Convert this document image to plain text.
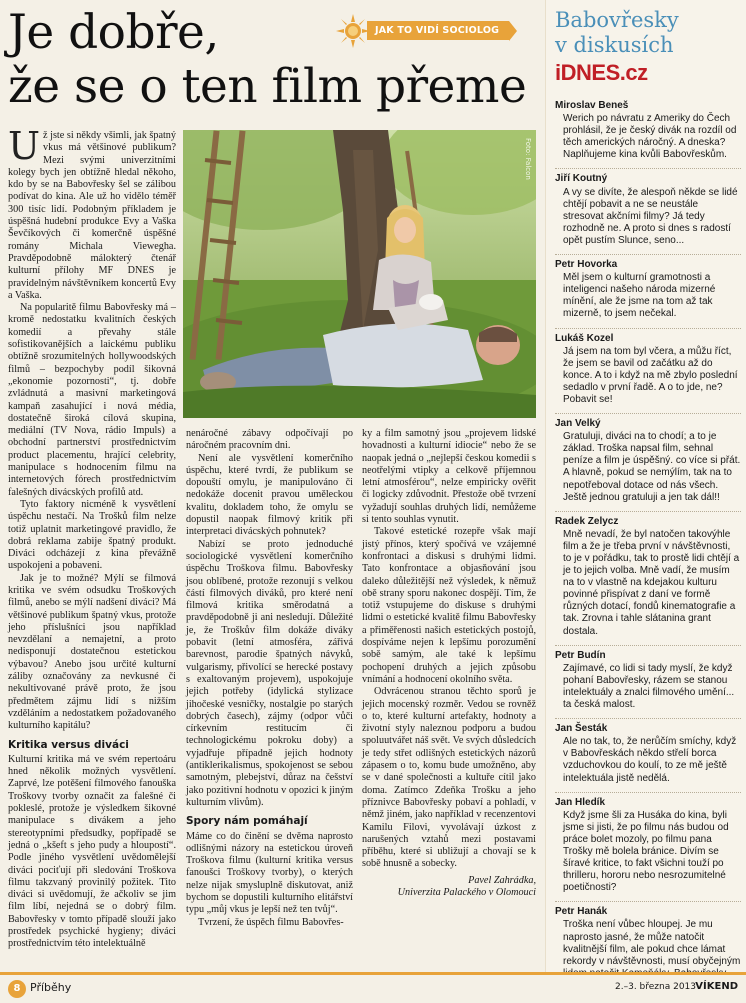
Je dobře,
že se o ten film přeme
JAK TO VIDÍ SOCIOLOG
Foto: Falcon

Už jste si někdy všimli, jak špatný vkus má většinové publikum? Mezi svými univerzitními kolegy bych jen obtížně hledal někoho, kdo by se na Babovřesky šel se zálibou podívat do kina. Ale už ho vidělo téměř 300 tisíc lidí. Podobným příkladem je úspěšná hudební produkce Evy a Vaška Ševčíkových či komerčně úspěšné romány Michala Viewegha. Pravděpodobně málokterý čtenář kulturní přílohy MF DNES je pravidelným návštěvníkem koncertů Evy a Vaška.

Na popularitě filmu Babovřesky má – kromě nedostatku kvalitních českých komedií a převahy stále sofistikovanějších a laickému publiku obtížně srozumitelných hollywoodských filmů – bezpochyby podíl šikovná „ekonomie pozornosti“, tj. dobře zvládnutá a masivní marketingová kampaň zasahující i nová média, dostatečně široká cílová skupina, mediální (TV Nova, rádio Impuls) a obchodní partnerství prostřednictvím product placementu, hrající celebrity, manipulace s hodnocením filmu na internetových fórech prostřednictvím falešných divácských profilů atd.

Tyto faktory nicméně k vysvětlení úspěchu nestačí. Na Trošků film nelze totiž uplatnit marketingové pravidlo, že dobrá reklama zabije špatný produkt. Diváci odcházejí z kina převážně uspokojeni a pobaveni.

Jak je to možné? Mýlí se filmová kritika ve svém odsudku Troškových filmů, anebo se mýlí nadšení diváci? Má většinové publikum špatný vkus, protože jeho příslušníci jsou například nevzdělaní a nemajetní, a proto nedisponují dostatečnou estetickou výbavou? Anebo jsou určité kulturní záliby označovány za nevkusné či nekultivované právě proto, že jsou předmětem zájmu lidí s nižším vzděláním a nedostatkem požadovaného kulturního kapitálu?

Kritika versus diváci

Kulturní kritika má ve svém repertoáru hned několik možných vysvětlení. Zaprvé, lze potěšení filmového fanouška Troškovy tvorby označit za falešné či pokleslé, protože je výsledkem šikovné manipulace s divákem a jeho stereotypními předsudky, popřípadě se jedná o „kšeft s jeho pudy a hloupostí“. Podle jiného vysvětlení uvědomělejší diváci pociťují při sledování Troškova filmu takzvaný provinilý požitek. Tito diváci si uvědomují, že ačkoliv se jim film líbí, nejedná se o dobrý film. Babovřesky v tomto případě slouží jako prostředek psychické hygieny; diváci prostřednictvím této intelektuálně

nenáročné zábavy odpočívají po náročném pracovním dni.

Není ale vysvětlení komerčního úspěchu, které tvrdí, že publikum se dopouští omylu, je manipulováno či nedokáže docenit pravou uměleckou kvalitu, dokladem toho, že omylu se dopustil naopak filmový kritik při interpretaci divácských pohnutek?

Nabízí se proto jednoduché sociologické vysvětlení komerčního úspěchu Troškova filmu. Babovřesky jsou oblíbené, protože rezonují s velkou částí filmových diváků, pro které není filmová kritika směrodatná a pravděpodobně ji ani nesledují. Důležité je, že Troškův film dokáže diváky pobavit (letní atmosféra, zářivá barevnost, parodie špatných návyků, vulgarismy, přivolící se herecké postavy s exaltovaným projevem), uspokojuje jejich potřeby (idylická stylizace jihočeské vesničky, nostalgie po starých dobrých časech), zájmy (odpor vůči církevním restitucím či technologickému pokroku doby) a vyjadřuje případně jejich hodnoty (antiklerikalismus, spokojenost se sebou samotným, plebejství, důraz na češství jako pozitivní hodnotu v opozici k jiným kulturním vlivům).

Spory nám pomáhají

Máme co do činění se dvěma naprosto odlišnými názory na estetickou úroveň Troškova filmu (kulturní kritika versus fanoušci Troškovy tvorby), o kterých nelze nijak smysluplně diskutovat, aniž bychom se dopustili kulturního elitářství typu „můj vkus je lepší než ten tvůj“.

Tvrzení, že úspěch filmu Babovřes-

ky a film samotný jsou „projevem lidské hovadnosti a kulturní idiocie“ nebo že se naopak jedná o „nejlepší českou komedii s neotřelými vtipky a celkově příjemnou letní atmosférou“, nelze empiricky ověřit či logicky zdůvodnit. Přestože obě tvrzení vyžadují souhlas druhých lidí, nemůžeme si tento souhlas vynutit.

Takové estetické rozepře však mají jistý přínos, který spočívá ve vzájemné konfrontaci a diskusi s druhými lidmi. Tato konfrontace a objasňování jsou daleko důležitější než výsledek, k němuž obě strany sporu nakonec dospějí. Tím, že totiž vstupujeme do diskuse s druhými lidmi o estetické kvalitě filmu Babovřesky a přiměřenosti našich estetických postojů, dospíváme nejen k lepšímu porozumění sobě samým, ale také k lepšímu pochopení druhých a jejich způsobu vnímání a hodnocení okolního světa.

Odvrácenou stranou těchto sporů je jejich mocenský rozměr. Vedou se rovněž o to, které kulturní artefakty, hodnoty a životní styly naleznou podporu a budou spoluutvářet náš svět. Ve svých důsledcích je tedy střet odlišných estetických názorů zápasem o to, komu bude umožněno, aby se v dané společnosti a kultuře cítil jako doma. Zatímco Zdeňka Trošku a jeho příznivce Babovřesky pobaví a pohladí, v němž jiném, jako například v recenzentovi Kamilu Filovi, vyvolávají úzkost z narušených vztahů mezi postavami příběhu, které si ubližují a chovají se k sobě hnusně a sobecky.

Pavel Zahrádka,
Univerzita Palackého v Olomouci
Babovřesky
v diskusích
iDNES.cz
Miroslav Beneš
Werich po návratu z Ameriky do Čech prohlásil, že je český divák na rozdíl od těch amerických náročný. A dneska? Naplňujeme kina kvůli Babovřeskům.
Jiří Koutný
A vy se divíte, že alespoň někde se lidé chtějí pobavit a ne se neustále stresovat akčními filmy? Já tedy rozhodně ne. A proto si dnes s radostí opět pustím Slunce, seno...
Petr Hovorka
Měl jsem o kulturní gramotnosti a inteligenci našeho národa mizerné mínění, ale že jsme na tom až tak mizerně, to jsem nečekal.
Lukáš Kozel
Já jsem na tom byl včera, a můžu říct, že jsem se bavil od začátku až do konce. A to i když na mě zbylo poslední sedadlo v první řadě. A o to jde, ne? Pobavit se!
Jan Velký
Gratuluji, diváci na to chodí; a to je základ. Troška napsal film, sehnal peníze a film je úspěšný. co více si přát. A hlavně, pokud se nemýlím, tak na to nepotřeboval dotace od nás všech. Ještě jednou gratuluji a jen tak dál!!
Radek Zelycz
Mně nevadí, že byl natočen takovýhle film a že je třeba první v návštěvnosti, to je v pořádku, tak to prostě lidi chtějí a je to jejich volba. Mně vadí, že musím na to v vlastně na kdejakou kulturu povinné přispívat z daní ve formě různých dotací, fondů kinematografie a tak. Zrovna i tahle slátanina grant dostala.
Petr Budín
Zajímavé, co lidi si tady myslí, že když pohaní Babovřesky, rázem se stanou intelektuály a znalci filmového umění... ta česká malost.
Jan Šesták
Ale no tak, to, že nerůčím smíchy, když v Babovřeskách někdo střelí borca vzduchovkou do koulí, to ze mě ještě intelektuála jistě nedělá.
Jan Hledík
Když jsme šli za Husáka do kina, byli jsme si jisti, že po filmu nás budou od práce bolet mozoly, po filmu pana Trošky mě bolela bránice. Divím se šíravé kritice, to fakt všichni touží po thrilleru, hororu nebo nesrozumitelné poetičnosti?
Petr Hanák
Troška není vůbec hloupej. Je mu naprosto jasné, že může natočit kvalitnější film, ale pokud chce lámat rekordy v návštěvnosti, musí obyčejným
8 Příběhy	2.–3. března 2013 VÍKEND
